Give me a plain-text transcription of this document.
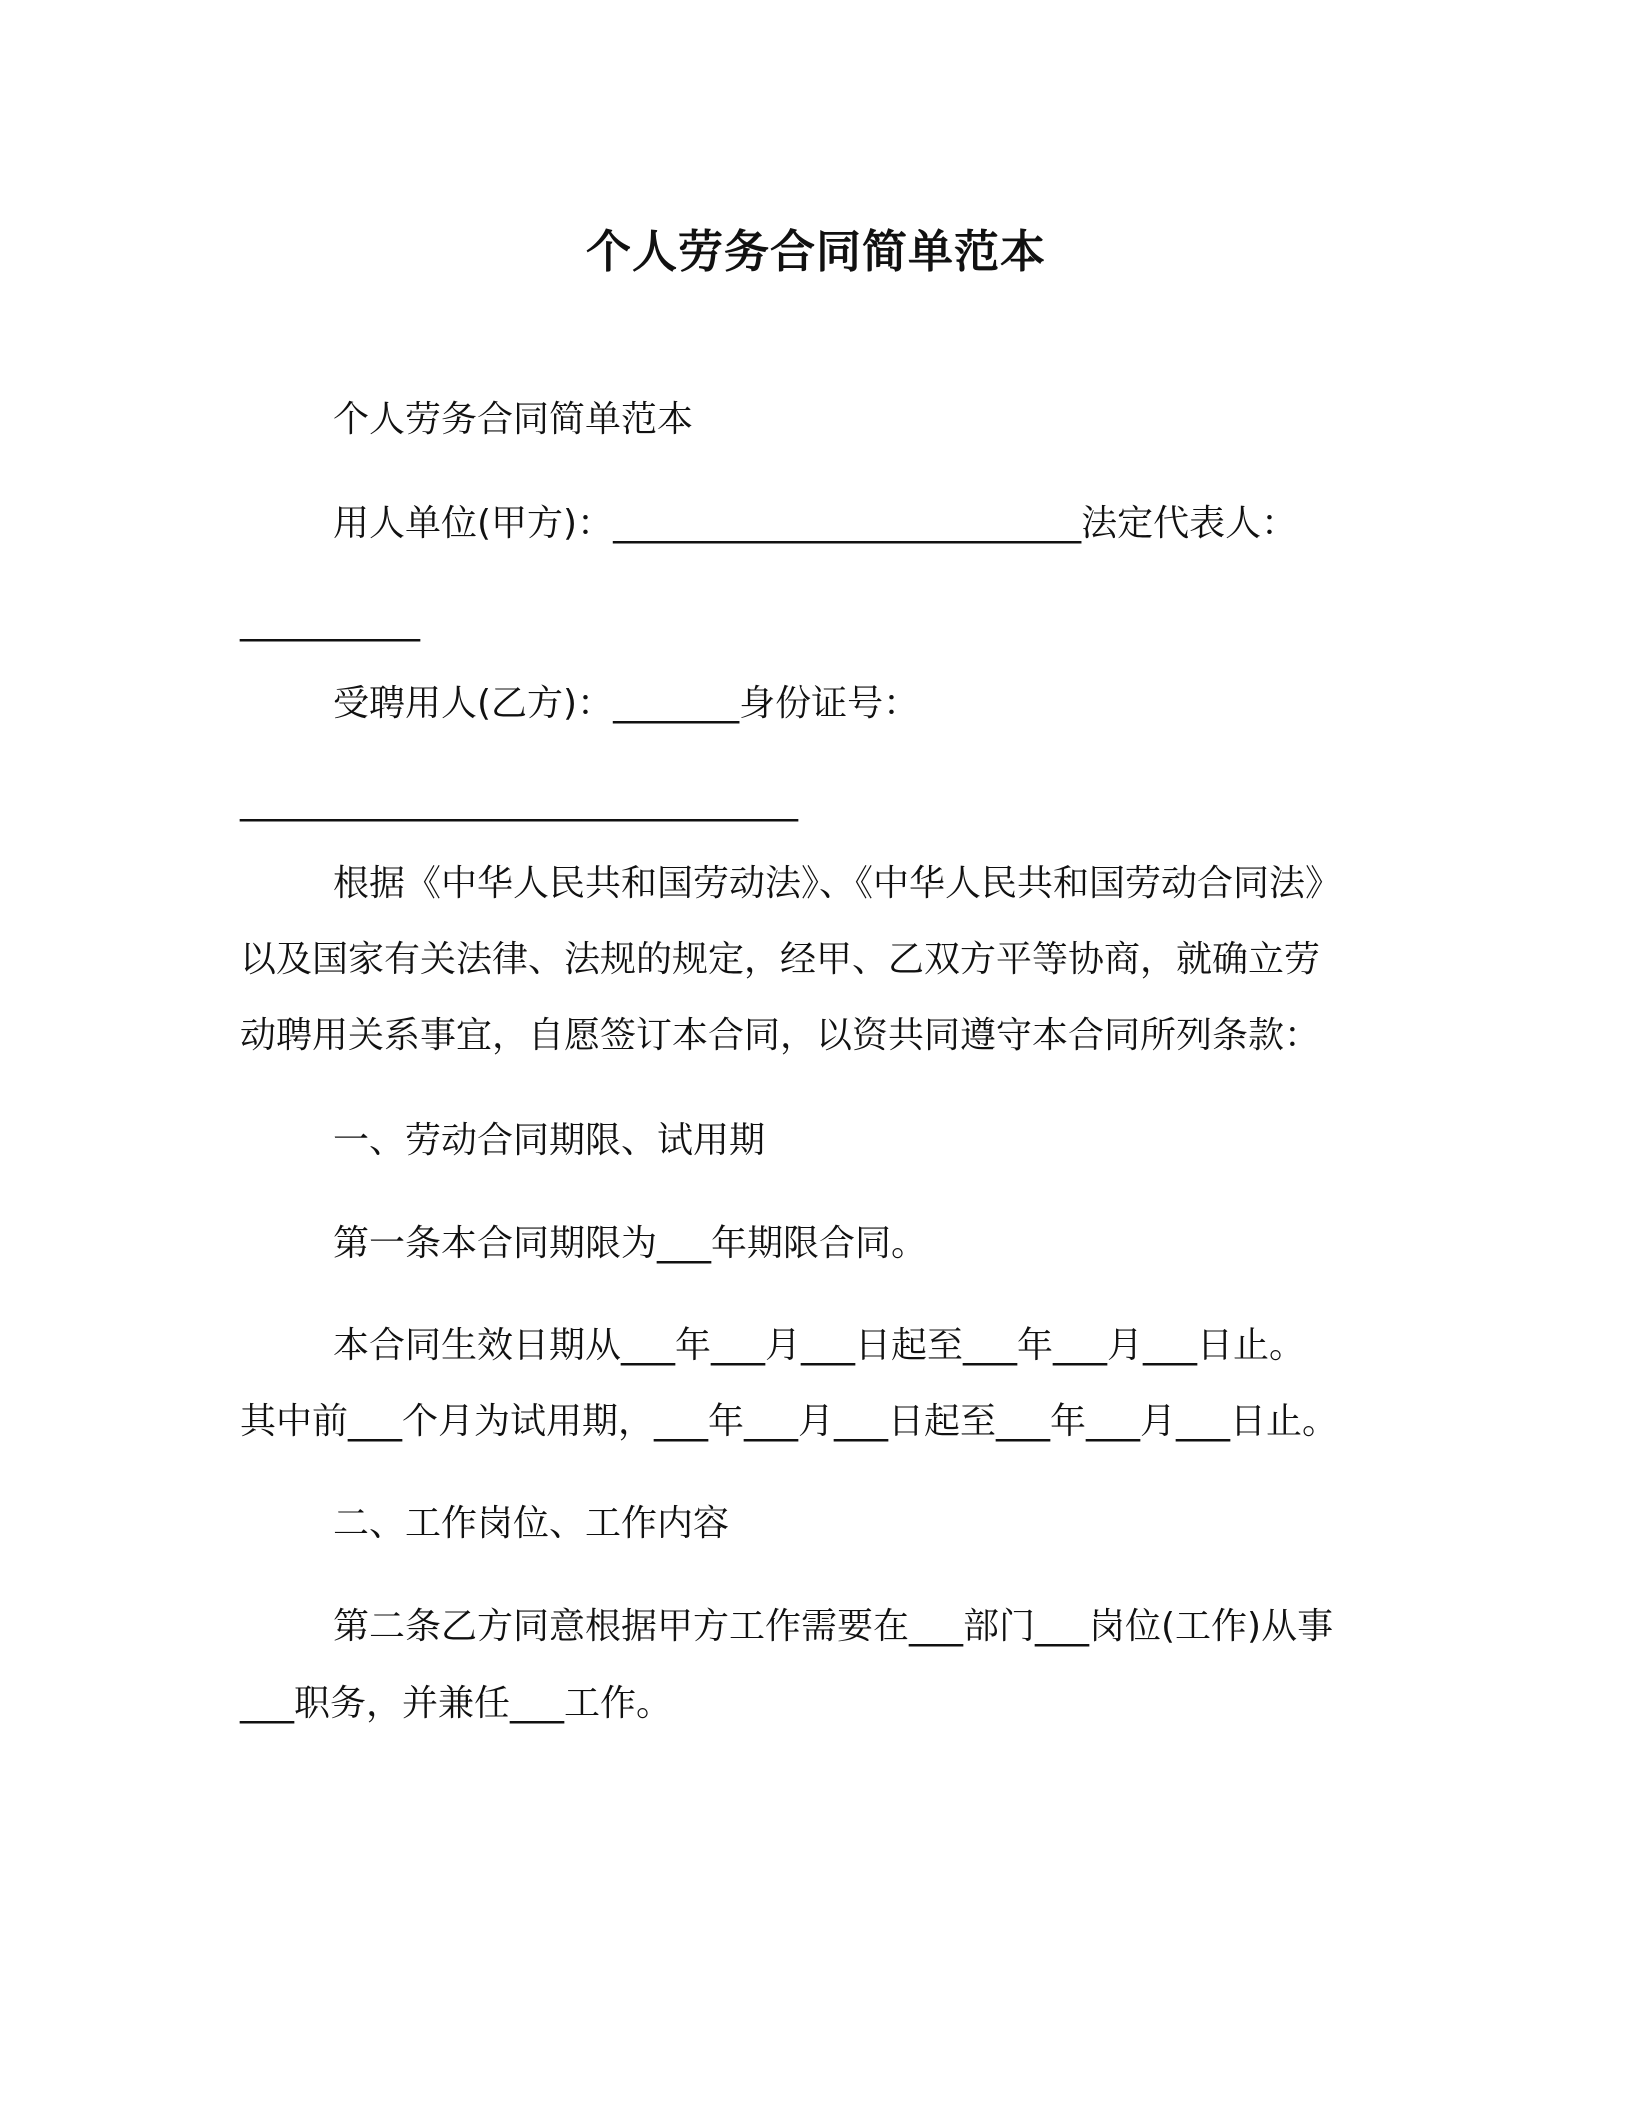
个人劳务合同简单范本
个人劳务合同简单范本
用人单位(甲方)：__________________________法定代表人：
__________
受聘用人(乙方)：_______身份证号：
_______________________________
根据《中华人民共和国劳动法》、《中华人民共和国劳动合同法》
以及国家有关法律、法规的规定，经甲、乙双方平等协商，就确立劳
动聘用关系事宜，自愿签订本合同，以资共同遵守本合同所列条款：
一、劳动合同期限、试用期
第一条本合同期限为___年期限合同。
本合同生效日期从___年___月___日起至___年___月___日止。
其中前___个月为试用期，___年___月___日起至___年___月___日止。
二、工作岗位、工作内容
第二条乙方同意根据甲方工作需要在___部门___岗位(工作)从事
___职务，并兼任___工作。
